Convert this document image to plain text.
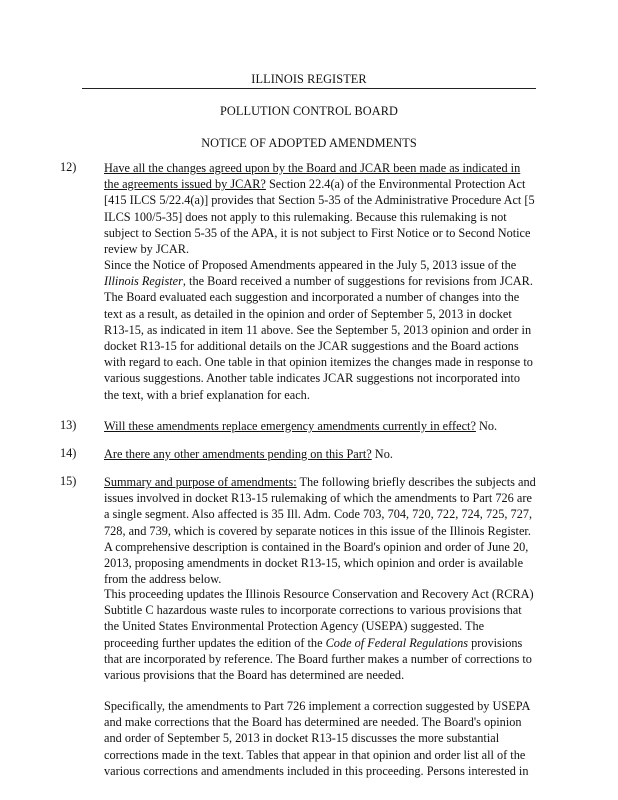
ILLINOIS REGISTER
POLLUTION CONTROL BOARD
NOTICE OF ADOPTED AMENDMENTS
12) Have all the changes agreed upon by the Board and JCAR been made as indicated in the agreements issued by JCAR? Section 22.4(a) of the Environmental Protection Act [415 ILCS 5/22.4(a)] provides that Section 5-35 of the Administrative Procedure Act [5 ILCS 100/5-35] does not apply to this rulemaking. Because this rulemaking is not subject to Section 5-35 of the APA, it is not subject to First Notice or to Second Notice review by JCAR.
Since the Notice of Proposed Amendments appeared in the July 5, 2013 issue of the Illinois Register, the Board received a number of suggestions for revisions from JCAR. The Board evaluated each suggestion and incorporated a number of changes into the text as a result, as detailed in the opinion and order of September 5, 2013 in docket R13-15, as indicated in item 11 above. See the September 5, 2013 opinion and order in docket R13-15 for additional details on the JCAR suggestions and the Board actions with regard to each. One table in that opinion itemizes the changes made in response to various suggestions. Another table indicates JCAR suggestions not incorporated into the text, with a brief explanation for each.
13) Will these amendments replace emergency amendments currently in effect? No.
14) Are there any other amendments pending on this Part? No.
15) Summary and purpose of amendments: The following briefly describes the subjects and issues involved in docket R13-15 rulemaking of which the amendments to Part 726 are a single segment. Also affected is 35 Ill. Adm. Code 703, 704, 720, 722, 724, 725, 727, 728, and 739, which is covered by separate notices in this issue of the Illinois Register. A comprehensive description is contained in the Board's opinion and order of June 20, 2013, proposing amendments in docket R13-15, which opinion and order is available from the address below.
This proceeding updates the Illinois Resource Conservation and Recovery Act (RCRA) Subtitle C hazardous waste rules to incorporate corrections to various provisions that the United States Environmental Protection Agency (USEPA) suggested. The proceeding further updates the edition of the Code of Federal Regulations provisions that are incorporated by reference. The Board further makes a number of corrections to various provisions that the Board has determined are needed.
Specifically, the amendments to Part 726 implement a correction suggested by USEPA and make corrections that the Board has determined are needed. The Board's opinion and order of September 5, 2013 in docket R13-15 discusses the more substantial corrections made in the text. Tables that appear in that opinion and order list all of the various corrections and amendments included in this proceeding. Persons interested in
